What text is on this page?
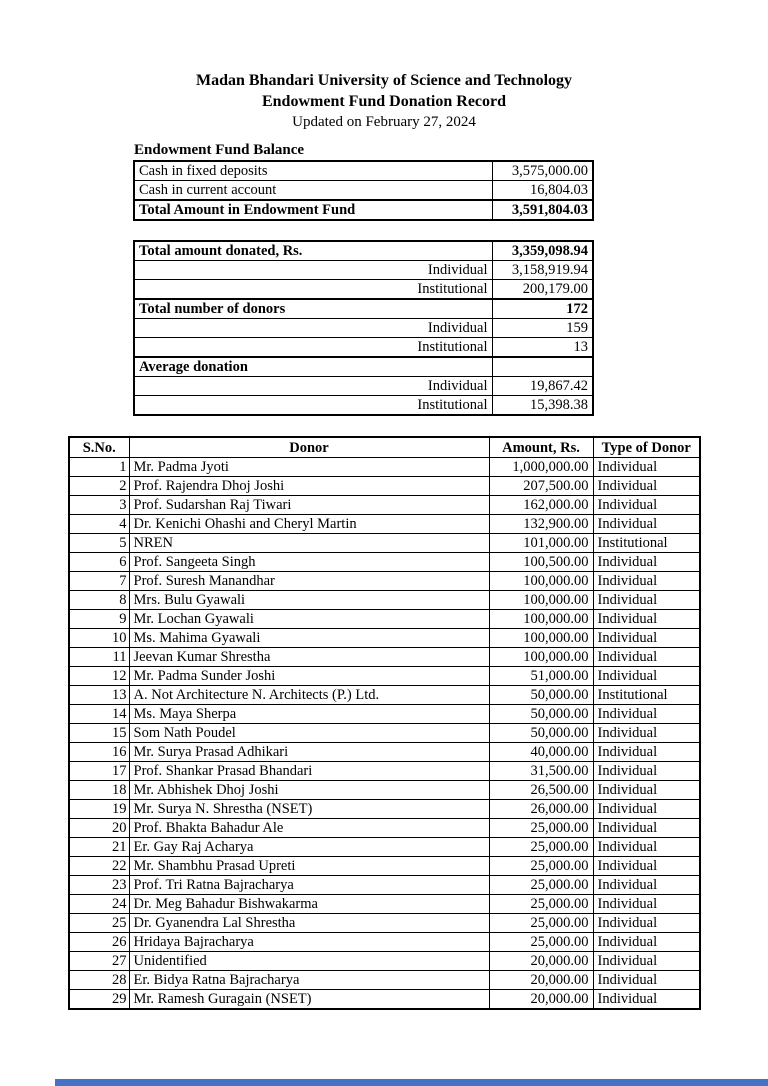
Madan Bhandari University of Science and Technology
Endowment Fund Donation Record
Updated on February 27, 2024
Endowment Fund Balance
Cash in fixed deposits	3,575,000.00
Cash in current account	16,804.03
Total Amount in Endowment Fund	3,591,804.03
Total amount donated, Rs.	3,359,098.94
Individual	3,158,919.94
Institutional	200,179.00
Total number of donors	172
Individual	159
Institutional	13
Average donation	
Individual	19,867.42
Institutional	15,398.38
S.No.	Donor	Amount, Rs.	Type of Donor
1	Mr. Padma Jyoti	1,000,000.00	Individual
2	Prof. Rajendra Dhoj Joshi	207,500.00	Individual
3	Prof. Sudarshan Raj Tiwari	162,000.00	Individual
4	Dr. Kenichi Ohashi and Cheryl Martin	132,900.00	Individual
5	NREN	101,000.00	Institutional
6	Prof. Sangeeta Singh	100,500.00	Individual
7	Prof. Suresh Manandhar	100,000.00	Individual
8	Mrs. Bulu Gyawali	100,000.00	Individual
9	Mr. Lochan Gyawali	100,000.00	Individual
10	Ms. Mahima Gyawali	100,000.00	Individual
11	Jeevan Kumar Shrestha	100,000.00	Individual
12	Mr. Padma Sunder Joshi	51,000.00	Individual
13	A. Not Architecture N. Architects (P.) Ltd.	50,000.00	Institutional
14	Ms. Maya Sherpa	50,000.00	Individual
15	Som Nath Poudel	50,000.00	Individual
16	Mr. Surya Prasad Adhikari	40,000.00	Individual
17	Prof. Shankar Prasad Bhandari	31,500.00	Individual
18	Mr. Abhishek Dhoj Joshi	26,500.00	Individual
19	Mr. Surya N. Shrestha (NSET)	26,000.00	Individual
20	Prof. Bhakta Bahadur Ale	25,000.00	Individual
21	Er. Gay Raj Acharya	25,000.00	Individual
22	Mr. Shambhu Prasad Upreti	25,000.00	Individual
23	Prof. Tri Ratna Bajracharya	25,000.00	Individual
24	Dr. Meg Bahadur Bishwakarma	25,000.00	Individual
25	Dr. Gyanendra Lal Shrestha	25,000.00	Individual
26	Hridaya Bajracharya	25,000.00	Individual
27	Unidentified	20,000.00	Individual
28	Er. Bidya Ratna Bajracharya	20,000.00	Individual
29	Mr. Ramesh Guragain (NSET)	20,000.00	Individual
